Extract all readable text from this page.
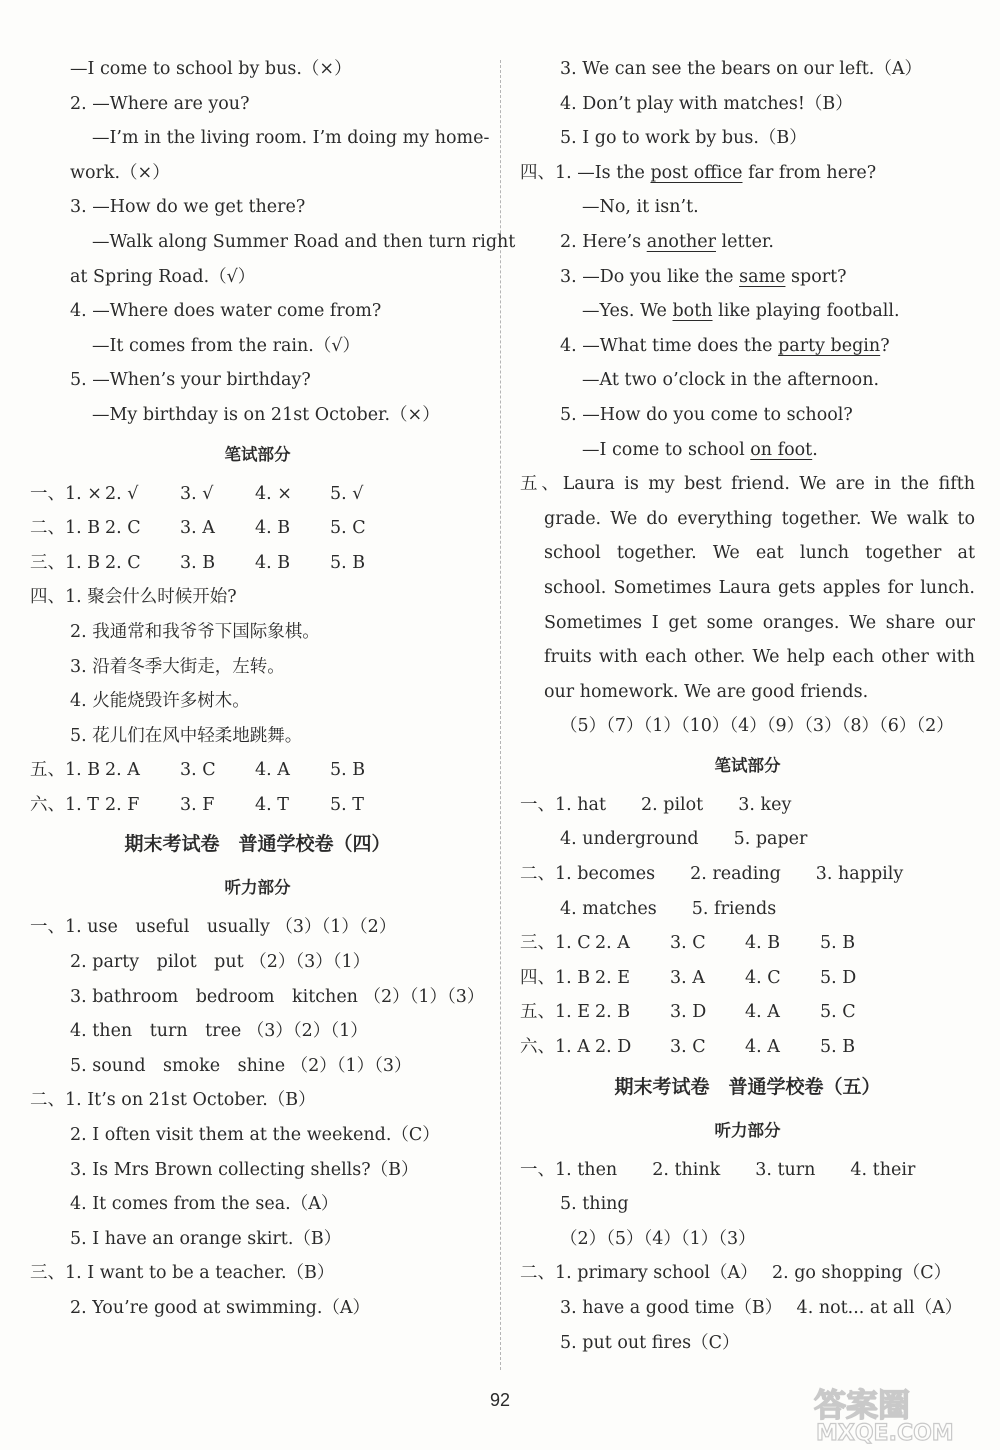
—I come to school by bus.（×）
2. —Where are you?
—I’m in the living room. I’m doing my home-
work.（×）
3. —How do we get there?
—Walk along Summer Road and then turn right
at Spring Road.（√）
4. —Where does water come from?
—It comes from the rain.（√）
5. —When’s your birthday?
—My birthday is on 21st October.（×）
笔试部分
一、1. × 2. √	3. √	4. ×	5. √
二、1. B 2. C	3. A	4. B	5. C
三、1. B 2. C	3. B	4. B	5. B
四、1. 聚会什么时候开始?
2. 我通常和我爷爷下国际象棋。
3. 沿着冬季大街走，左转。
4. 火能烧毁许多树木。
5. 花儿们在风中轻柔地跳舞。
五、1. B 2. A	3. C	4. A	5. B
六、1. T 2. F	3. F	4. T	5. T
期末考试卷　普通学校卷（四）
听力部分
一、1. use　useful　usually （3）（1）（2）
2. party　pilot　put （2）（3）（1）
3. bathroom　bedroom　kitchen （2）（1）（3）
4. then　turn　tree （3）（2）（1）
5. sound　smoke　shine （2）（1）（3）
二、1. It’s on 21st October.（B）
2. I often visit them at the weekend.（C）
3. Is Mrs Brown collecting shells?（B）
4. It comes from the sea.（A）
5. I have an orange skirt.（B）
三、1. I want to be a teacher.（B）
2. You’re good at swimming.（A）
3. We can see the bears on our left.（A）
4. Don’t play with matches!（B）
5. I go to work by bus.（B）
四、1. —Is the post office far from here?
—No, it isn’t.
2. Here’s another letter.
3. —Do you like the same sport?
—Yes. We both like playing football.
4. —What time does the party begin?
—At two o’clock in the afternoon.
5. —How do you come to school?
—I come to school on foot.
五、Laura is my best friend. We are in the fifth grade. We do everything together. We walk to school together. We eat lunch together at school. Sometimes Laura gets apples for lunch. Sometimes I get some oranges. We share our fruits with each other. We help each other with our homework. We are good friends.
（5）（7）（1）（10）（4）（9）（3）（8）（6）（2）
笔试部分
一、1. hat　　2. pilot　　3. key
4. underground　　5. paper
二、1. becomes　　2. reading　　3. happily
4. matches　　5. friends
三、1. C 2. A	3. C	4. B	5. B
四、1. B 2. E	3. A	4. C	5. D
五、1. E 2. B	3. D	4. A	5. C
六、1. A 2. D	3. C	4. A	5. B
期末考试卷　普通学校卷（五）
听力部分
一、1. then　　2. think　　3. turn　　4. their
5. thing
（2）（5）（4）（1）（3）
二、1. primary school（A）　 2. go shopping（C）
3. have a good time（B）　 4. not... at all（A）
5. put out fires（C）
92	答案圈
MXQE.COM
